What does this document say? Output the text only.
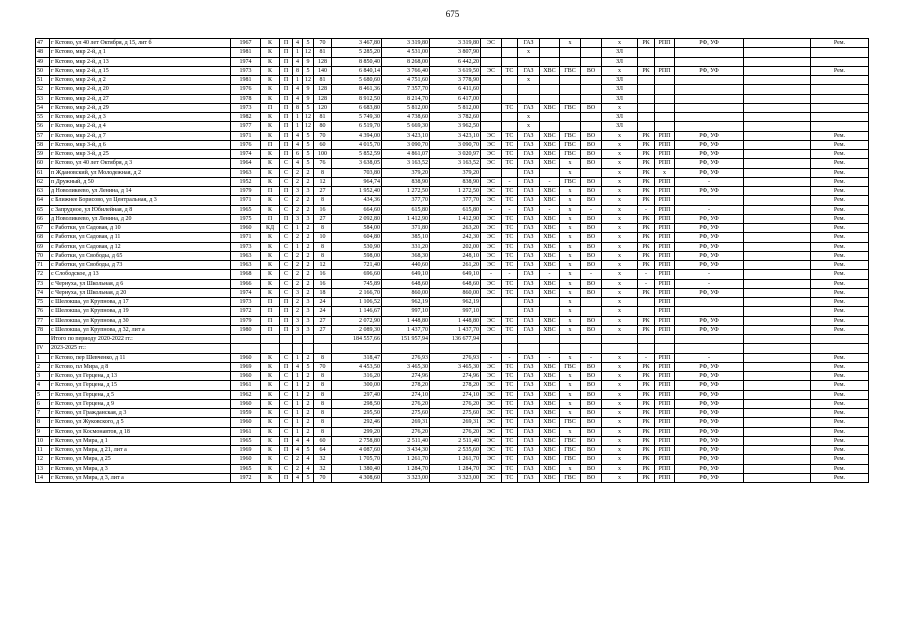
675
47	г Кстово, ул 40 лет Октября, д 15, лит б	1967	К	П	4	5	70	3 467,80	3 319,80	3 319,80	ЭС		ГАЗ		х		х	РК	РПП	РФ, УФ		Рем.
48	г Кстово, мкр 2-й, д 1	1981	К	П	1	12	81	5 285,20	4 531,00	3 807,90			х				ЗЛ					
49	г Кстово, мкр 2-й, д 13	1974	К	П	4	9	128	8 850,40	8 268,00	6 442,20							ЗЛ					
50	г Кстово, мкр 2-й, д 15	1973	К	П	8	5	140	6 840,14	3 766,40	3 619,50	ЭС	ТС	ГАЗ	ХВС	ГВС	ВО	х	РК	РПП	РФ, УФ		Рем.
51	г Кстово, мкр 2-й, д 2	1981	К	П	1	12	81	5 680,60	4 751,60	3 778,90			х				ЗЛ					
52	г Кстово, мкр 2-й, д 20	1976	К	П	4	9	128	8 461,36	7 357,70	6 411,60							ЗЛ					
53	г Кстово, мкр 2-й, д 27	1978	К	П	4	9	128	8 912,50	8 214,70	6 417,00							ЗЛ					
54	г Кстово, мкр 2-й, д 29	1973	П	П	8	5	120	6 683,80	5 812,00	5 812,00		ТС	ГАЗ	ХВС	ГВС	ВО	х					
55	г Кстово, мкр 2-й, д 3	1982	К	П	1	12	81	5 749,30	4 738,60	3 782,60			х				ЗЛ					
56	г Кстово, мкр 2-й, д 4	1977	К	П	1	12	80	6 519,70	5 669,30	3 962,50			х				ЗЛ					
57	г Кстово, мкр 2-й, д 7	1971	К	П	4	5	70	4 394,00	3 423,10	3 423,10	ЭС	ТС	ГАЗ	ХВС	ГВС	ВО	х	РК	РПП	РФ, УФ		Рем.
58	г Кстово, мкр 3-й, д 6	1976	П	П	4	5	60	4 015,70	3 090,70	3 090,70	ЭС	ТС	ГАЗ	ХВС	ГВС	ВО	х	РК	РПП	РФ, УФ		Рем.
59	г Кстово, мкр 3-й, д 25	1974	К	П	6	5	100	5 852,59	4 861,07	3 020,97	ЭС	ТС	ГАЗ	ХВС	ГВС	ВО	х	РК	РПП	РФ, УФ		Рем.
60	г Кстово, ул 40 лет Октября, д 3	1964	К	С	4	5	76	3 638,05	3 163,52	3 163,52	ЭС	ТС	ГАЗ	ХВС	х	ВО	х	РК	РПП	РФ, УФ		Рем.
61	п Ждановский, ул Молодежная, д 2	1963	К	С	2	2	8	703,80	379,20	379,20			ГАЗ		х		х	РК	х	РФ, УФ		Рем.
62	п Дружный, д 50	1952	К	С	2	2	12	964,74	838,90	838,90	ЭС	-	ГАЗ	-	ГВС	ВО	х	РК	РПП	-		Рем.
63	д Новоликеево, ул Ленина, д 14	1979	П	П	3	3	27	1 952,40	1 272,50	1 272,50	ЭС	ТС	ГАЗ	ХВС	х	ВО	х	РК	РПП	РФ, УФ		Рем.
64	с Ближнее Борисово, ул Центральная, д 3	1971	К	С	2	2	8	434,36	377,70	377,70	ЭС	ТС	ГАЗ	ХВС	х	ВО	х	РК	РПП			Рем.
65	с Запрудное, ул Юбилейная, д 8	1965	К	С	2	2	16	664,60	615,80	615,80	-	-	ГАЗ	-	х	-	х	-	РПП	-		Рем.
66	д Новоликеево, ул Ленина, д 20	1975	П	П	3	3	27	2 092,80	1 412,90	1 412,90	ЭС	ТС	ГАЗ	ХВС	х	ВО	х	РК	РПП	РФ, УФ		Рем.
67	с Работки, ул Садовая, д 10	1960	КД	С	1	2	8	584,00	371,80	263,20	ЭС	ТС	ГАЗ	ХВС	х	ВО	х	РК	РПП	РФ, УФ		Рем.
68	с Работки, ул Садовая, д 11	1971	К	С	2	2	10	604,80	385,10	242,30	ЭС	ТС	ГАЗ	ХВС	х	ВО	х	РК	РПП	РФ, УФ		Рем.
69	с Работки, ул Садовая, д 12	1973	К	С	1	2	8	530,90	331,20	202,00	ЭС	ТС	ГАЗ	ХВС	х	ВО	х	РК	РПП	РФ, УФ		Рем.
70	с Работки, ул Свободы, д 65	1963	К	С	2	2	8	598,00	368,30	248,10	ЭС	ТС	ГАЗ	ХВС	х	ВО	х	РК	РПП	РФ, УФ		Рем.
71	с Работки, ул Свободы, д 73	1963	К	С	2	2	12	721,40	440,60	261,20	ЭС	ТС	ГАЗ	ХВС	х	ВО	х	РК	РПП	РФ, УФ		Рем.
72	с Слободское, д 13	1968	К	С	2	2	16	696,60	649,10	649,10	-	-	ГАЗ	-	х	-	х	-	РПП	-		Рем.
73	с Чернуха, ул Школьная, д 6	1966	К	С	2	2	16	745,89	648,60	648,60	ЭС	ТС	ГАЗ	ХВС	х	ВО	х	-	РПП	-		Рем.
74	с Чернуха, ул Школьная, д 20	1974	К	С	3	2	18	2 166,70	860,00	860,00	ЭС	ТС	ГАЗ	ХВС	х	ВО	х	РК	РПП	РФ, УФ		Рем.
75	с Шелокша, ул Крупнова, д 17	1973	П	П	2	3	24	1 106,52	962,19	962,19			ГАЗ		х		х		РПП			Рем.
76	с Шелокша, ул Крупнова, д 19	1972	П	П	2	3	24	1 146,67	997,10	997,10			ГАЗ		х		х		РПП			Рем.
77	с Шелокша, ул Крупнова, д 30	1979	П	П	3	3	27	2 072,90	1 448,80	1 448,80	ЭС	ТС	ГАЗ	ХВС	х	ВО	х	РК	РПП	РФ, УФ		Рем.
78	с Шелокша, ул Крупнова, д 32, лит а	1980	П	П	3	3	27	2 089,30	1 437,70	1 437,70	ЭС	ТС	ГАЗ	ХВС	х	ВО	х	РК	РПП	РФ, УФ		Рем.
	Итого по периоду 2020-2022 гг.:							184 557,66	151 957,94	136 677,94												
IV	2023-2025 гг.:																					
1	г Кстово, пер Шевченко, д 11	1960	К	С	1	2	8	318,47	276,93	276,93	-	-	ГАЗ	-	х	-	х	-	РПП	-		Рем.
2	г Кстово, пл Мира, д 8	1969	К	П	4	5	70	4 453,50	3 465,30	3 465,30	ЭС	ТС	ГАЗ	ХВС	ГВС	ВО	х	РК	РПП	РФ, УФ		Рем.
3	г Кстово, ул Герцена, д 13	1960	К	С	1	2	8	316,20	274,96	274,96	ЭС	ТС	ГАЗ	ХВС	х	ВО	х	РК	РПП	РФ, УФ		Рем.
4	г Кстово, ул Герцена, д 15	1961	К	С	1	2	8	300,00	278,20	278,20	ЭС	ТС	ГАЗ	ХВС	х	ВО	х	РК	РПП	РФ, УФ		Рем.
5	г Кстово, ул Герцена, д 5	1962	К	С	1	2	8	297,40	274,10	274,10	ЭС	ТС	ГАЗ	ХВС	х	ВО	х	РК	РПП	РФ, УФ		Рем.
6	г Кстово, ул Герцена, д 9	1960	К	С	1	2	8	298,50	276,20	276,20	ЭС	ТС	ГАЗ	ХВС	х	ВО	х	РК	РПП	РФ, УФ		Рем.
7	г Кстово, ул Гражданская, д 3	1959	К	С	1	2	8	295,50	275,60	275,60	ЭС	ТС	ГАЗ	ХВС	х	ВО	х	РК	РПП	РФ, УФ		Рем.
8	г Кстово, ул Жуковского, д 5	1960	К	С	1	2	8	292,46	269,31	269,31	ЭС	ТС	ГАЗ	ХВС	ГВС	ВО	х	РК	РПП	РФ, УФ		Рем.
9	г Кстово, ул Космонавтов, д 18	1961	К	С	1	2	8	299,20	276,20	276,20	ЭС	ТС	ГАЗ	ХВС	х	ВО	х	РК	РПП	РФ, УФ		Рем.
10	г Кстово, ул Мира, д 1	1965	К	П	4	4	60	2 758,80	2 511,40	2 511,40	ЭС	ТС	ГАЗ	ХВС	ГВС	ВО	х	РК	РПП	РФ, УФ		Рем.
11	г Кстово, ул Мира, д 21, лит а	1969	К	П	4	5	64	4 087,60	3 434,30	2 535,60	ЭС	ТС	ГАЗ	ХВС	ГВС	ВО	х	РК	РПП	РФ, УФ		Рем.
12	г Кстово, ул Мира, д 25	1960	К	С	2	4	32	1 705,70	1 261,70	1 261,70	ЭС	ТС	ГАЗ	ХВС	ГВС	ВО	х	РК	РПП	РФ, УФ		Рем.
13	г Кстово, ул Мира, д 3	1965	К	С	2	4	32	1 380,40	1 284,70	1 284,70	ЭС	ТС	ГАЗ	ХВС	х	ВО	х	РК	РПП	РФ, УФ		Рем.
14	г Кстово, ул Мира, д 3, лит а	1972	К	П	4	5	70	4 308,60	3 323,00	3 323,00	ЭС	ТС	ГАЗ	ХВС	ГВС	ВО	х	РК	РПП	РФ, УФ		Рем.
